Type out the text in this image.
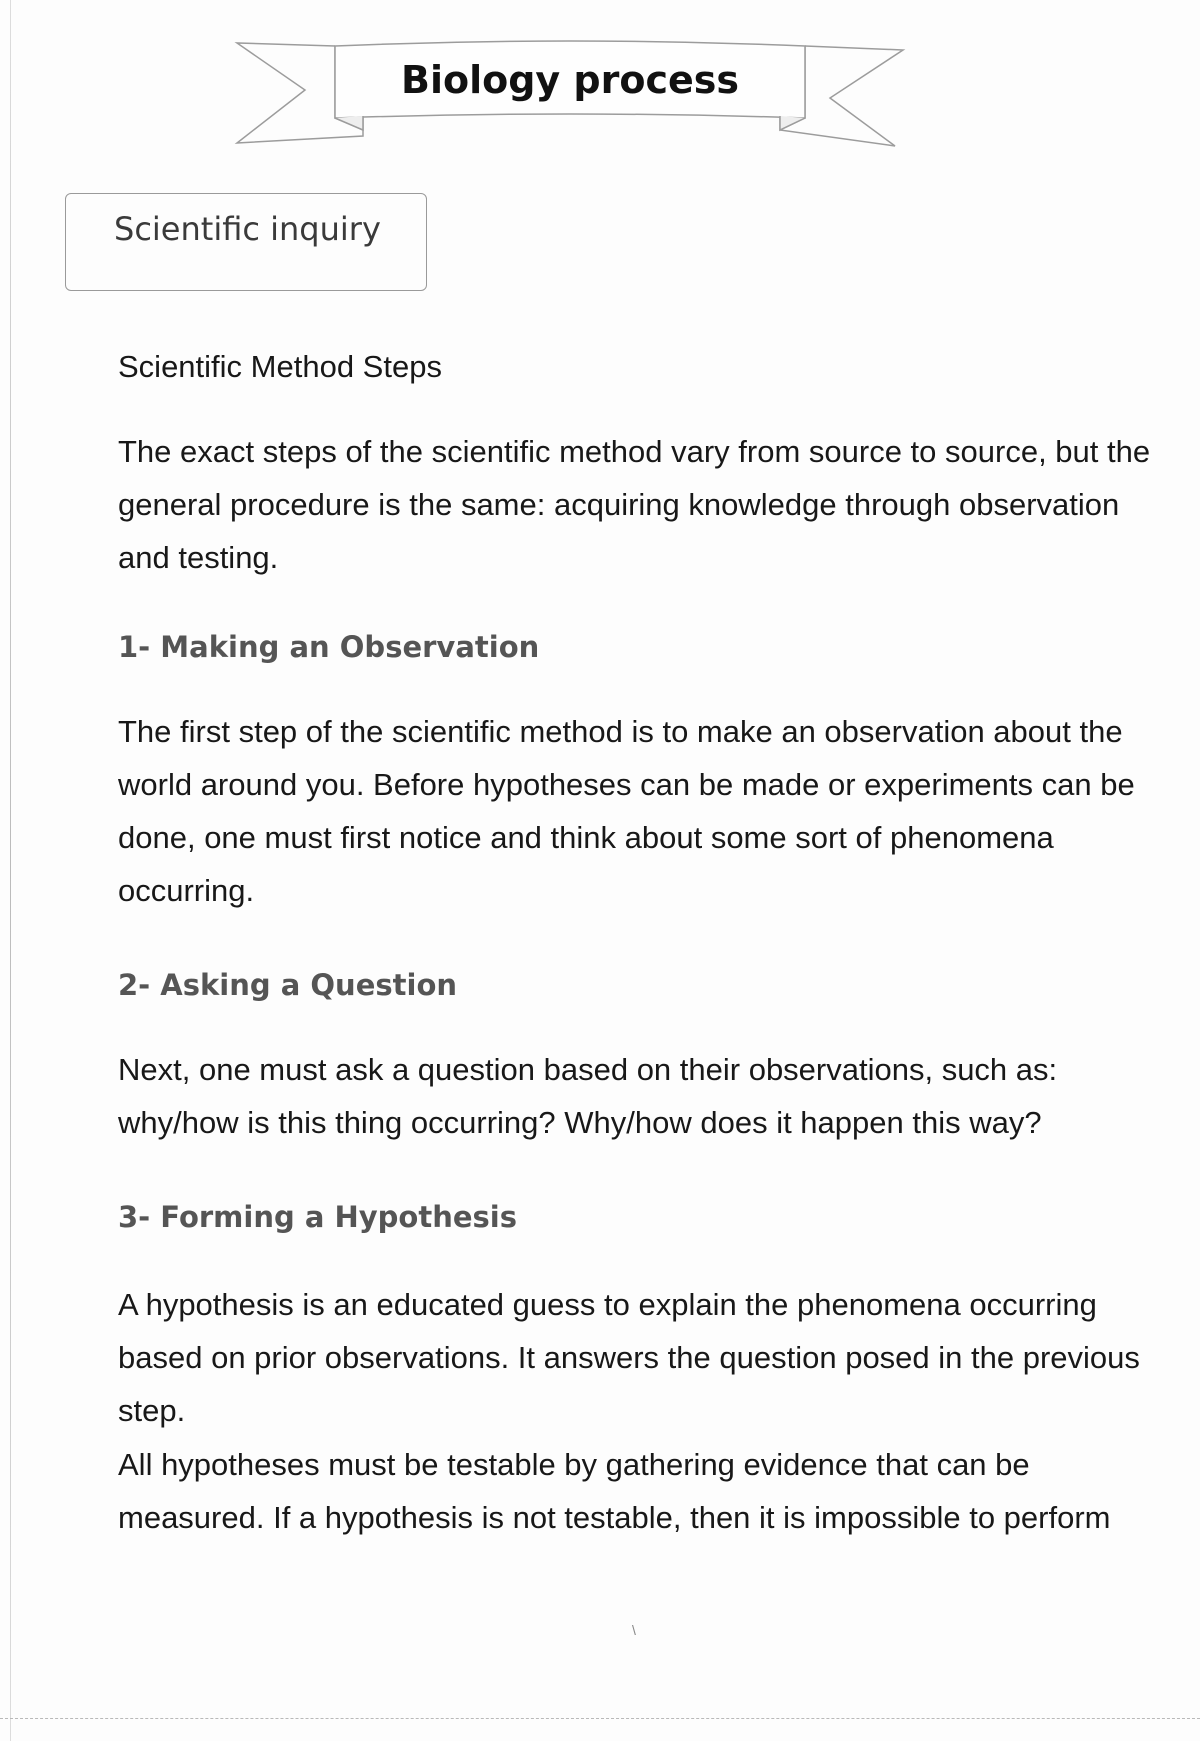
Biology process
Scientific inquiry

Scientific Method Steps

The exact steps of the scientific method vary from source to source, but the general procedure is the same: acquiring knowledge through observation and testing.

1- Making an Observation

The first step of the scientific method is to make an observation about the world around you. Before hypotheses can be made or experiments can be done, one must first notice and think about some sort of phenomena occurring.

2- Asking a Question

Next, one must ask a question based on their observations, such as: why/how is this thing occurring? Why/how does it happen this way?

3- Forming a Hypothesis

A hypothesis is an educated guess to explain the phenomena occurring based on prior observations. It answers the question posed in the previous step.

All hypotheses must be testable by gathering evidence that can be measured. If a hypothesis is not testable, then it is impossible to perform

\
